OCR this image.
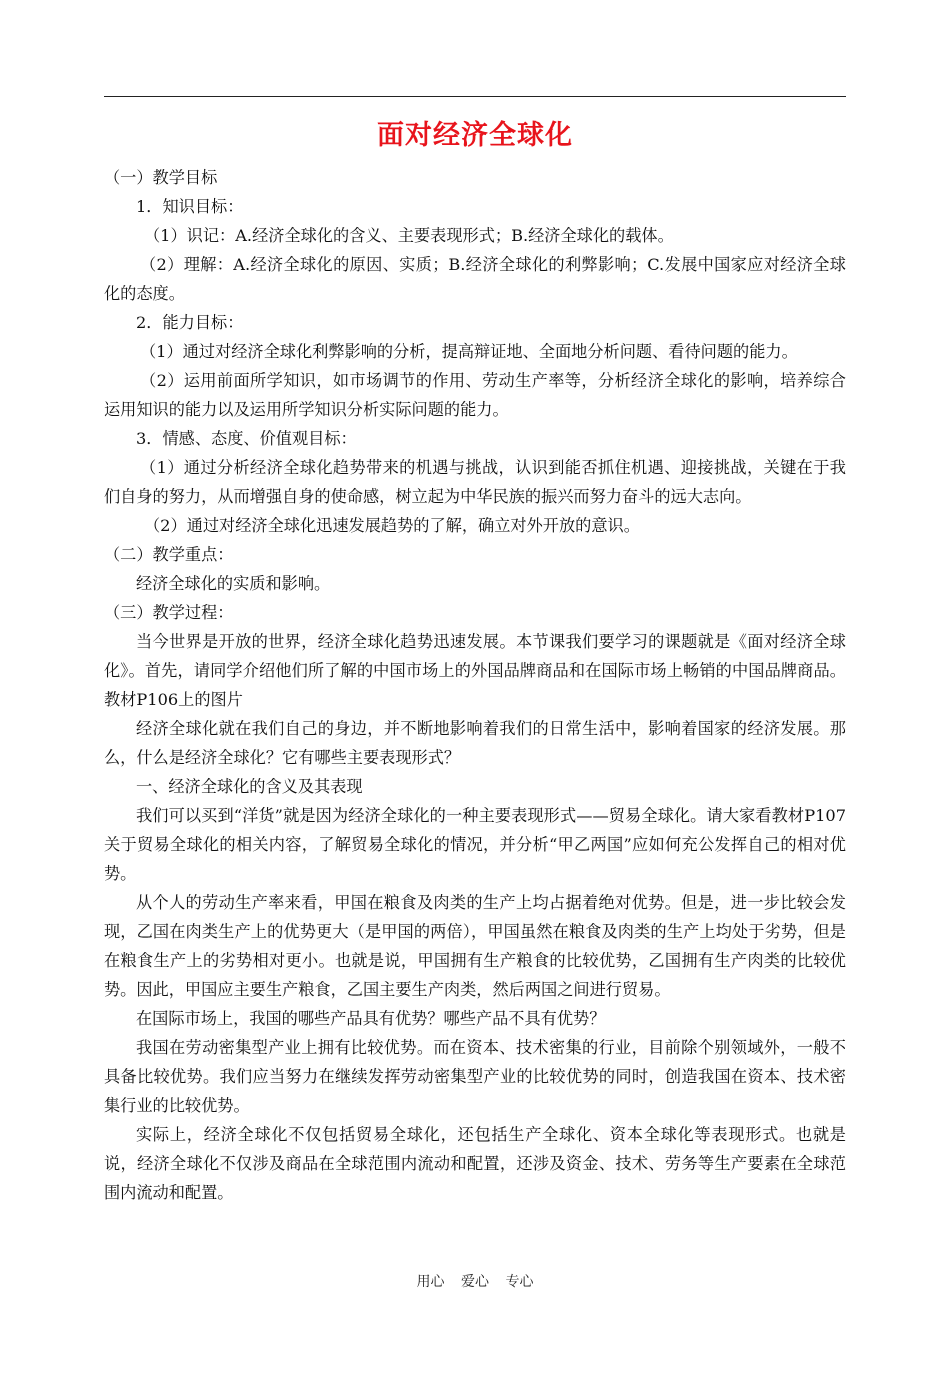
面对经济全球化

（一）教学目标

1．知识目标：

（1）识记：A.经济全球化的含义、主要表现形式；B.经济全球化的载体。

（2）理解：A.经济全球化的原因、实质；B.经济全球化的利弊影响；C.发展中国家应对经济全球化的态度。

2．能力目标：

（1）通过对经济全球化利弊影响的分析，提高辩证地、全面地分析问题、看待问题的能力。

（2）运用前面所学知识，如市场调节的作用、劳动生产率等，分析经济全球化的影响，培养综合运用知识的能力以及运用所学知识分析实际问题的能力。

3．情感、态度、价值观目标：

（1）通过分析经济全球化趋势带来的机遇与挑战，认识到能否抓住机遇、迎接挑战，关键在于我们自身的努力，从而增强自身的使命感，树立起为中华民族的振兴而努力奋斗的远大志向。

（2）通过对经济全球化迅速发展趋势的了解，确立对外开放的意识。

（二）教学重点：

经济全球化的实质和影响。

（三）教学过程：

当今世界是开放的世界，经济全球化趋势迅速发展。本节课我们要学习的课题就是《面对经济全球化》。首先，请同学介绍他们所了解的中国市场上的外国品牌商品和在国际市场上畅销的中国品牌商品。教材P106上的图片

经济全球化就在我们自己的身边，并不断地影响着我们的日常生活中，影响着国家的经济发展。那么，什么是经济全球化？它有哪些主要表现形式？

一、经济全球化的含义及其表现

我们可以买到“洋货”就是因为经济全球化的一种主要表现形式——贸易全球化。请大家看教材P107关于贸易全球化的相关内容，了解贸易全球化的情况，并分析“甲乙两国”应如何充公发挥自己的相对优势。

从个人的劳动生产率来看，甲国在粮食及肉类的生产上均占据着绝对优势。但是，进一步比较会发现，乙国在肉类生产上的优势更大（是甲国的两倍），甲国虽然在粮食及肉类的生产上均处于劣势，但是在粮食生产上的劣势相对更小。也就是说，甲国拥有生产粮食的比较优势，乙国拥有生产肉类的比较优势。因此，甲国应主要生产粮食，乙国主要生产肉类，然后两国之间进行贸易。

在国际市场上，我国的哪些产品具有优势？哪些产品不具有优势？

我国在劳动密集型产业上拥有比较优势。而在资本、技术密集的行业，目前除个别领域外，一般不具备比较优势。我们应当努力在继续发挥劳动密集型产业的比较优势的同时，创造我国在资本、技术密集行业的比较优势。

实际上，经济全球化不仅包括贸易全球化，还包括生产全球化、资本全球化等表现形式。也就是说，经济全球化不仅涉及商品在全球范围内流动和配置，还涉及资金、技术、劳务等生产要素在全球范围内流动和配置。

用心 爱心 专心
